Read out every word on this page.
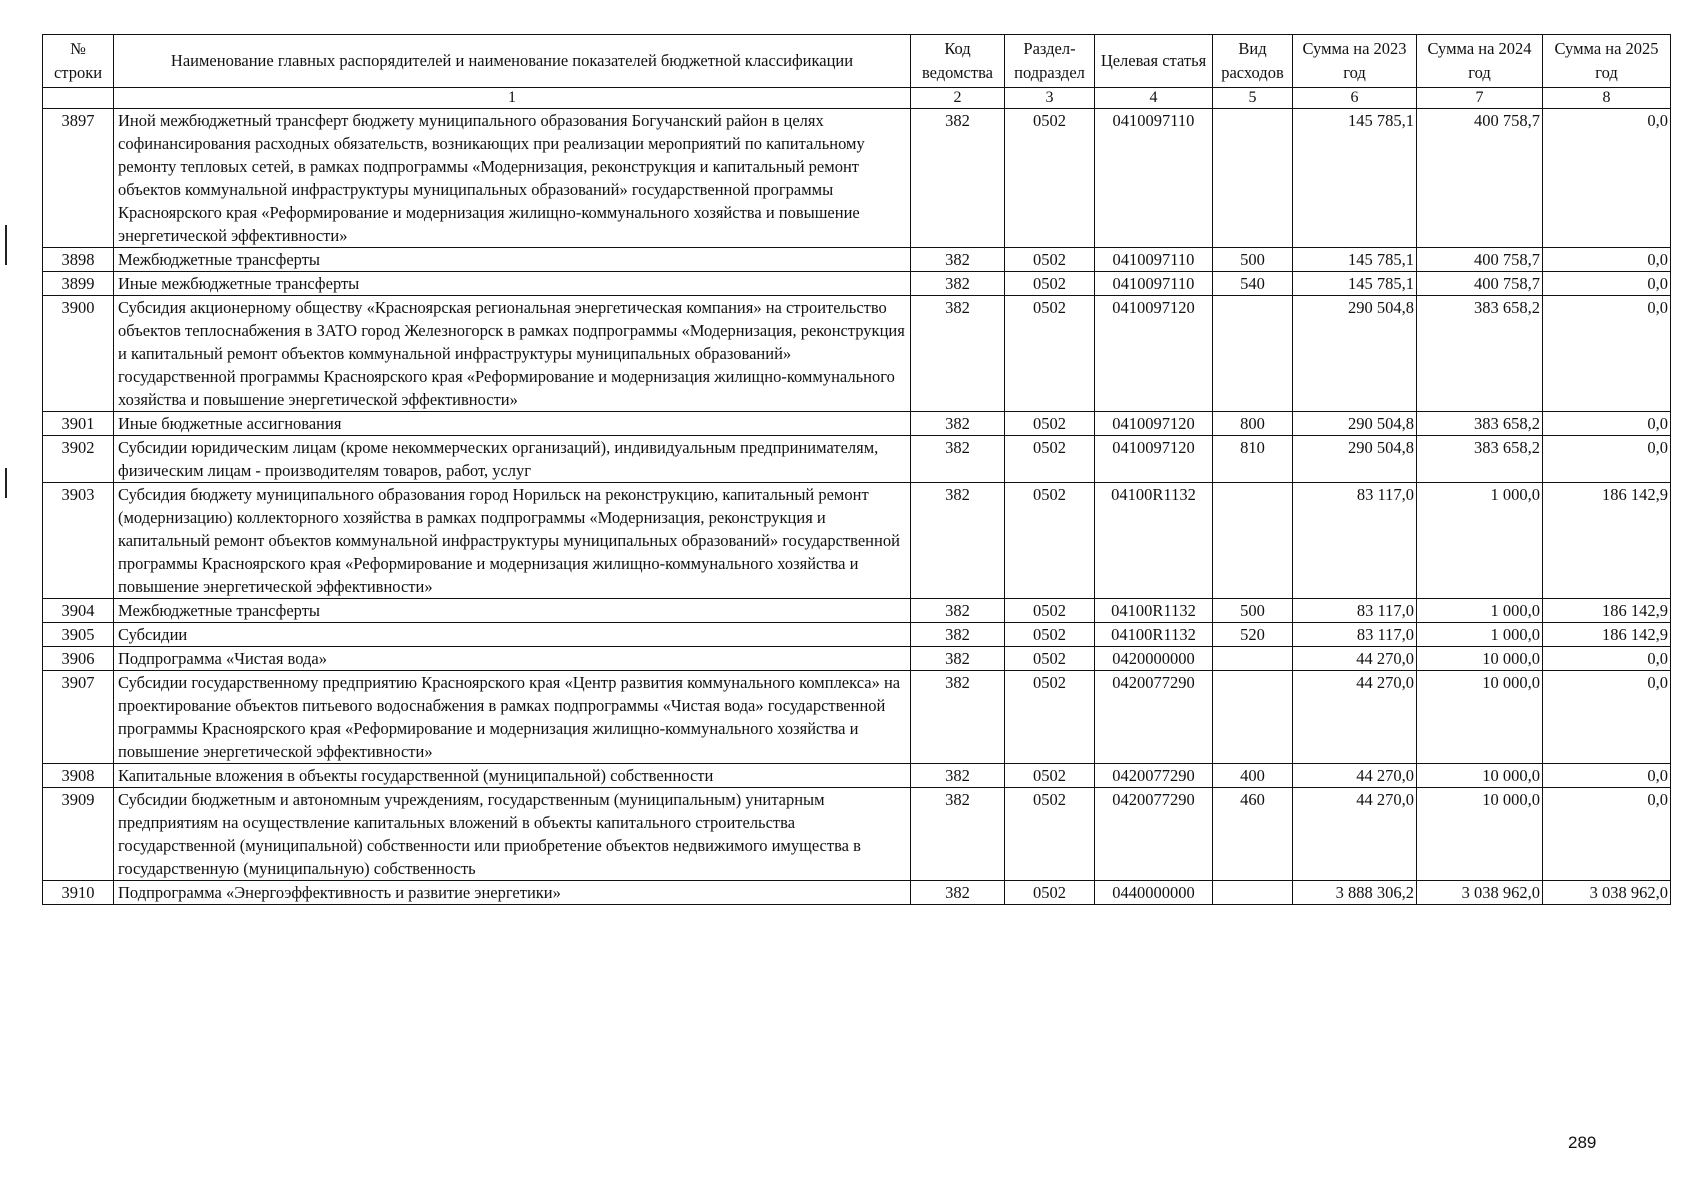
№ строки	Наименование главных распорядителей и наименование показателей бюджетной классификации	Код ведомства	Раздел-подраздел	Целевая статья	Вид расходов	Сумма на 2023 год	Сумма на 2024 год	Сумма на 2025 год
	1	2	3	4	5	6	7	8
3897	Иной межбюджетный трансферт бюджету муниципального образования Богучанский район в целях софинансирования расходных обязательств, возникающих при реализации мероприятий по капитальному ремонту тепловых сетей, в рамках подпрограммы «Модернизация, реконструкция и капитальный ремонт объектов коммунальной инфраструктуры муниципальных образований» государственной программы Красноярского края «Реформирование и модернизация жилищно-коммунального хозяйства и повышение энергетической эффективности»	382	0502	0410097110		145 785,1	400 758,7	0,0
3898	Межбюджетные трансферты	382	0502	0410097110	500	145 785,1	400 758,7	0,0
3899	Иные межбюджетные трансферты	382	0502	0410097110	540	145 785,1	400 758,7	0,0
3900	Субсидия акционерному обществу «Красноярская региональная энергетическая компания» на строительство объектов теплоснабжения в ЗАТО город Железногорск в рамках подпрограммы «Модернизация, реконструкция и капитальный ремонт объектов коммунальной инфраструктуры муниципальных образований» государственной программы Красноярского края «Реформирование и модернизация жилищно-коммунального хозяйства и повышение энергетической эффективности»	382	0502	0410097120		290 504,8	383 658,2	0,0
3901	Иные бюджетные ассигнования	382	0502	0410097120	800	290 504,8	383 658,2	0,0
3902	Субсидии юридическим лицам (кроме некоммерческих организаций), индивидуальным предпринимателям, физическим лицам - производителям товаров, работ, услуг	382	0502	0410097120	810	290 504,8	383 658,2	0,0
3903	Субсидия бюджету муниципального образования город Норильск на реконструкцию, капитальный ремонт (модернизацию) коллекторного хозяйства в рамках подпрограммы «Модернизация, реконструкция и капитальный ремонт объектов коммунальной инфраструктуры муниципальных образований» государственной программы Красноярского края «Реформирование и модернизация жилищно-коммунального хозяйства и повышение энергетической эффективности»	382	0502	04100R1132		83 117,0	1 000,0	186 142,9
3904	Межбюджетные трансферты	382	0502	04100R1132	500	83 117,0	1 000,0	186 142,9
3905	Субсидии	382	0502	04100R1132	520	83 117,0	1 000,0	186 142,9
3906	Подпрограмма «Чистая вода»	382	0502	0420000000		44 270,0	10 000,0	0,0
3907	Субсидии государственному предприятию Красноярского края «Центр развития коммунального комплекса» на проектирование объектов питьевого водоснабжения в рамках подпрограммы «Чистая вода» государственной программы Красноярского края «Реформирование и модернизация жилищно-коммунального хозяйства и повышение энергетической эффективности»	382	0502	0420077290		44 270,0	10 000,0	0,0
3908	Капитальные вложения в объекты государственной (муниципальной) собственности	382	0502	0420077290	400	44 270,0	10 000,0	0,0
3909	Субсидии бюджетным и автономным учреждениям, государственным (муниципальным) унитарным предприятиям на осуществление капитальных вложений в объекты капитального строительства государственной (муниципальной) собственности или приобретение объектов недвижимого имущества в государственную (муниципальную) собственность	382	0502	0420077290	460	44 270,0	10 000,0	0,0
3910	Подпрограмма «Энергоэффективность и развитие энергетики»	382	0502	0440000000		3 888 306,2	3 038 962,0	3 038 962,0
289
